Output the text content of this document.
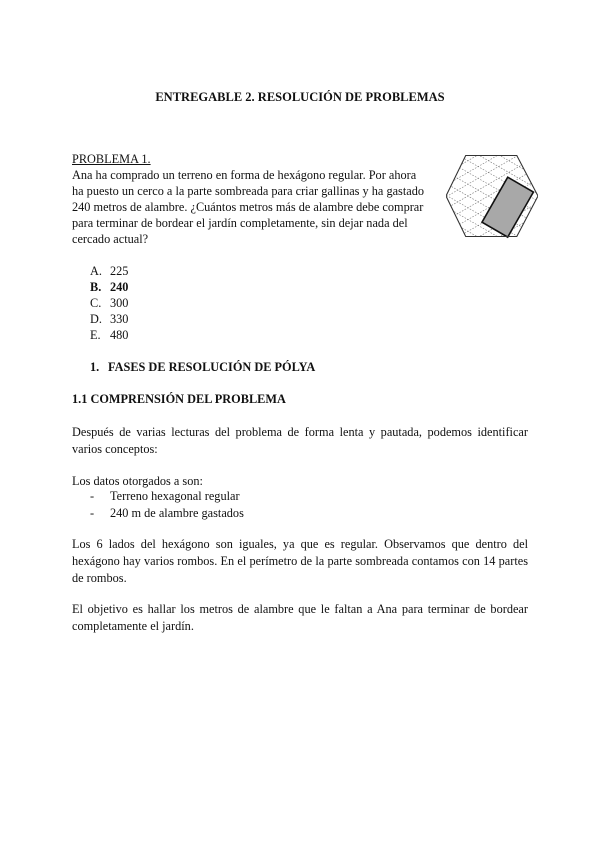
ENTREGABLE 2. RESOLUCIÓN DE PROBLEMAS
PROBLEMA 1.
Ana ha comprado un terreno en forma de hexágono regular. Por ahora ha puesto un cerco a la parte sombreada para criar gallinas y ha gastado 240 metros de alambre. ¿Cuántos metros más de alambre debe comprar para terminar de bordear el jardín completamente, sin dejar nada del cercado actual?
A. 225
B. 240
C. 300
D. 330
E. 480
1. FASES DE RESOLUCIÓN DE PÓLYA
1.1 COMPRENSIÓN DEL PROBLEMA
Después de varias lecturas del problema de forma lenta y pautada, podemos identificar varios conceptos:
Los datos otorgados a son:
-	Terreno hexagonal regular
-	240 m de alambre gastados
Los 6 lados del hexágono son iguales, ya que es regular. Observamos que dentro del hexágono hay varios rombos. En el perímetro de la parte sombreada contamos con 14 partes de rombos.
El objetivo es hallar los metros de alambre que le faltan a Ana para terminar de bordear completamente el jardín.
